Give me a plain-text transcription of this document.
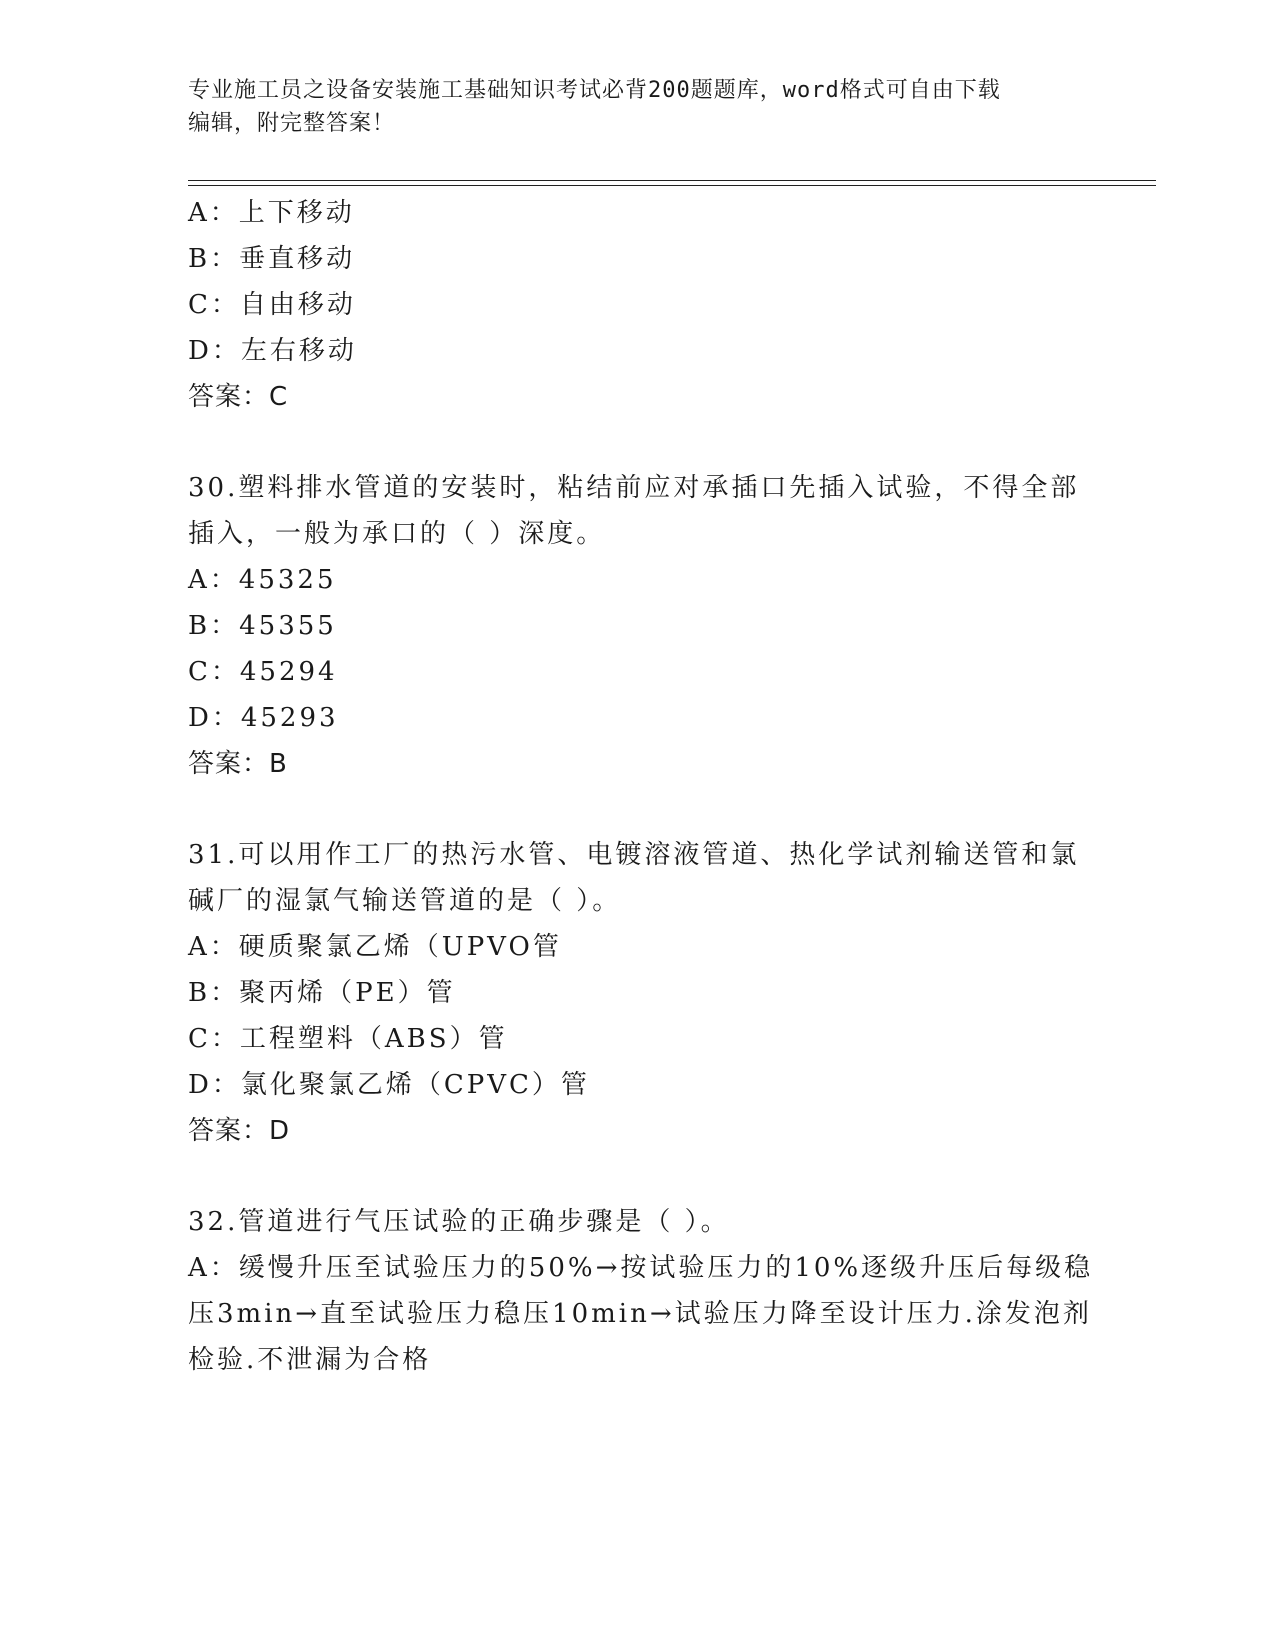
专业施工员之设备安装施工基础知识考试必背200题题库，word格式可自由下载
编辑，附完整答案！
A：上下移动
B：垂直移动
C：自由移动
D：左右移动
答案：C
30.塑料排水管道的安装时，粘结前应对承插口先插入试验，不得全部
插入，一般为承口的（ ）深度。
A：45325
B：45355
C：45294
D：45293
答案：B
31.可以用作工厂的热污水管、电镀溶液管道、热化学试剂输送管和氯
碱厂的湿氯气输送管道的是（ ）。
A：硬质聚氯乙烯（UPVO管
B：聚丙烯（PE）管
C：工程塑料（ABS）管
D：氯化聚氯乙烯（CPVC）管
答案：D
32.管道进行气压试验的正确步骤是（ ）。
A：缓慢升压至试验压力的50%→按试验压力的10%逐级升压后每级稳
压3min→直至试验压力稳压10min→试验压力降至设计压力.涂发泡剂
检验.不泄漏为合格
